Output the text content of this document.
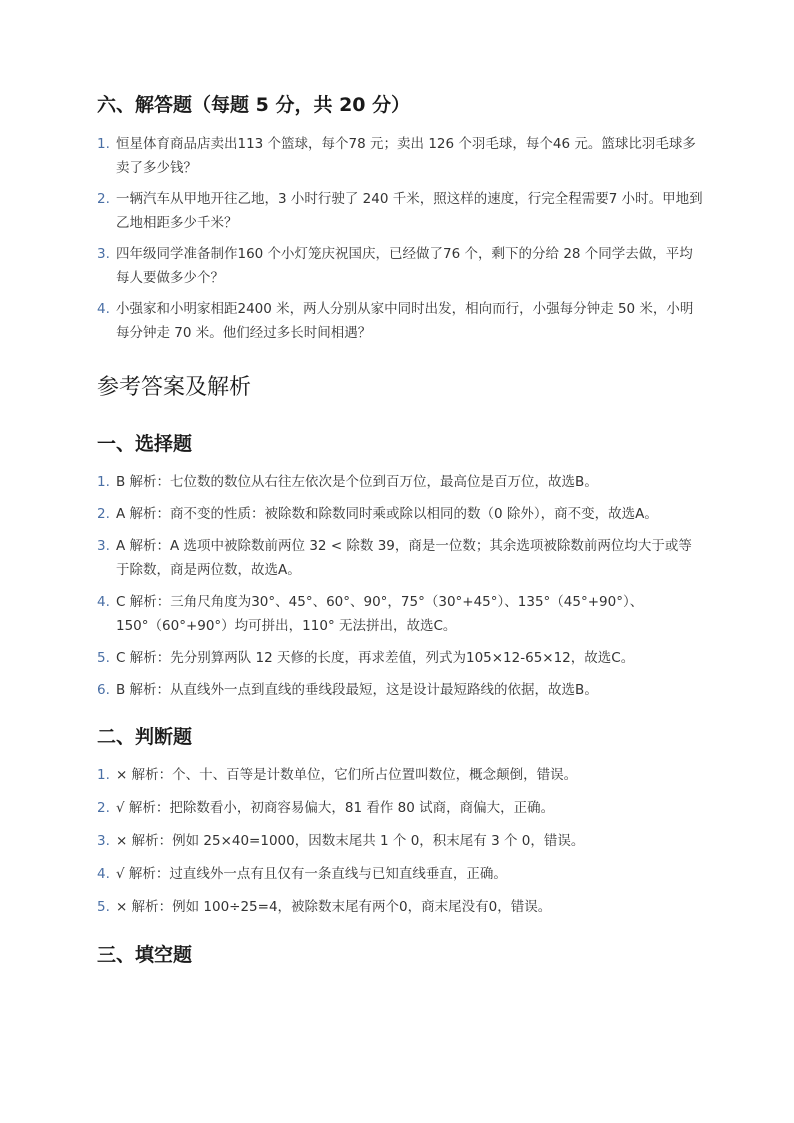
六、解答题（每题 5 分，共 20 分）
1. 恒星体育商品店卖出113 个篮球，每个78 元；卖出 126 个羽毛球，每个46 元。篮球比羽毛球多卖了多少钱？
2. 一辆汽车从甲地开往乙地，3 小时行驶了 240 千米，照这样的速度，行完全程需要7 小时。甲地到乙地相距多少千米？
3. 四年级同学准备制作160 个小灯笼庆祝国庆，已经做了76 个，剩下的分给 28 个同学去做，平均每人要做多少个？
4. 小强家和小明家相距2400 米，两人分别从家中同时出发，相向而行，小强每分钟走 50 米，小明每分钟走 70 米。他们经过多长时间相遇？
参考答案及解析
一、选择题
1. B 解析：七位数的数位从右往左依次是个位到百万位，最高位是百万位，故选B。
2. A 解析：商不变的性质：被除数和除数同时乘或除以相同的数（0 除外），商不变，故选A。
3. A 解析：A 选项中被除数前两位 32 < 除数 39，商是一位数；其余选项被除数前两位均大于或等于除数，商是两位数，故选A。
4. C 解析：三角尺角度为30°、45°、60°、90°，75°（30°+45°）、135°（45°+90°）、150°（60°+90°）均可拼出，110° 无法拼出，故选C。
5. C 解析：先分别算两队 12 天修的长度，再求差值，列式为105×12-65×12，故选C。
6. B 解析：从直线外一点到直线的垂线段最短，这是设计最短路线的依据，故选B。
二、判断题
1. × 解析：个、十、百等是计数单位，它们所占位置叫数位，概念颠倒，错误。
2. √ 解析：把除数看小，初商容易偏大，81 看作 80 试商，商偏大，正确。
3. × 解析：例如 25×40=1000，因数末尾共 1 个 0，积末尾有 3 个 0，错误。
4. √ 解析：过直线外一点有且仅有一条直线与已知直线垂直，正确。
5. × 解析：例如 100÷25=4，被除数末尾有两个0，商末尾没有0，错误。
三、填空题
